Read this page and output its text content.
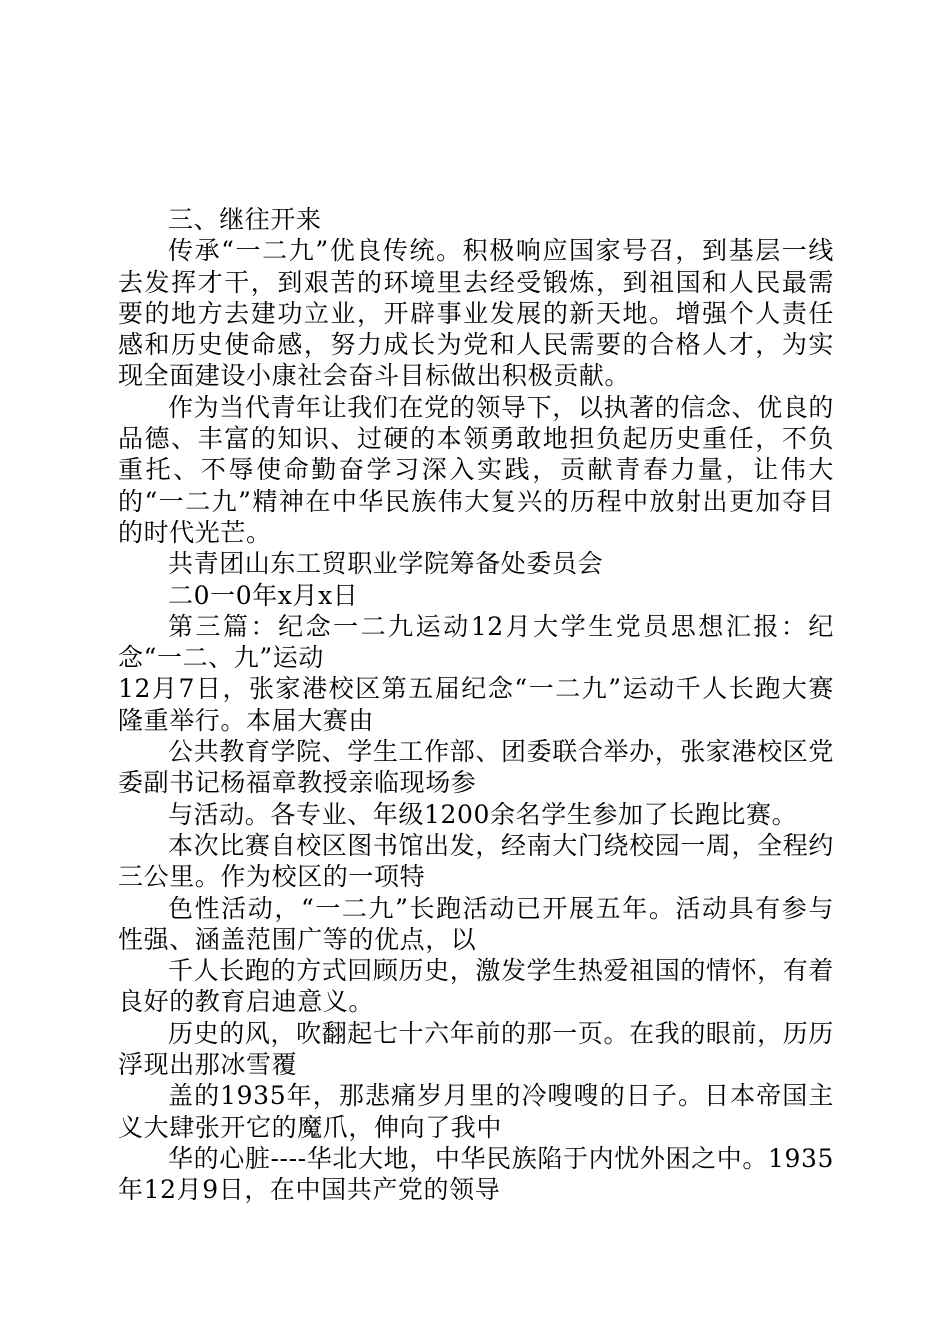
三、继往开来

传承“一二九”优良传统。积极响应国家号召，到基层一线去发挥才干，到艰苦的环境里去经受锻炼，到祖国和人民最需要的地方去建功立业，开辟事业发展的新天地。增强个人责任感和历史使命感，努力成长为党和人民需要的合格人才，为实现全面建设小康社会奋斗目标做出积极贡献。

作为当代青年让我们在党的领导下，以执著的信念、优良的品德、丰富的知识、过硬的本领勇敢地担负起历史重任，不负重托、不辱使命勤奋学习深入实践，贡献青春力量，让伟大的“一二九”精神在中华民族伟大复兴的历程中放射出更加夺目的时代光芒。

共青团山东工贸职业学院筹备处委员会

二0一0年x月x日

第三篇：纪念一二九运动12月大学生党员思想汇报：纪念“一二、九”运动

12月7日，张家港校区第五届纪念“一二九”运动千人长跑大赛隆重举行。本届大赛由

公共教育学院、学生工作部、团委联合举办，张家港校区党委副书记杨福章教授亲临现场参

与活动。各专业、年级1200余名学生参加了长跑比赛。

本次比赛自校区图书馆出发，经南大门绕校园一周，全程约三公里。作为校区的一项特

色性活动，“一二九”长跑活动已开展五年。活动具有参与性强、涵盖范围广等的优点，以

千人长跑的方式回顾历史，激发学生热爱祖国的情怀，有着良好的教育启迪意义。

历史的风，吹翻起七十六年前的那一页。在我的眼前，历历浮现出那冰雪覆

盖的1935年，那悲痛岁月里的冷嗖嗖的日子。日本帝国主义大肆张开它的魔爪，伸向了我中

华的心脏----华北大地，中华民族陷于内忧外困之中。1935年12月9日，在中国共产党的领导
